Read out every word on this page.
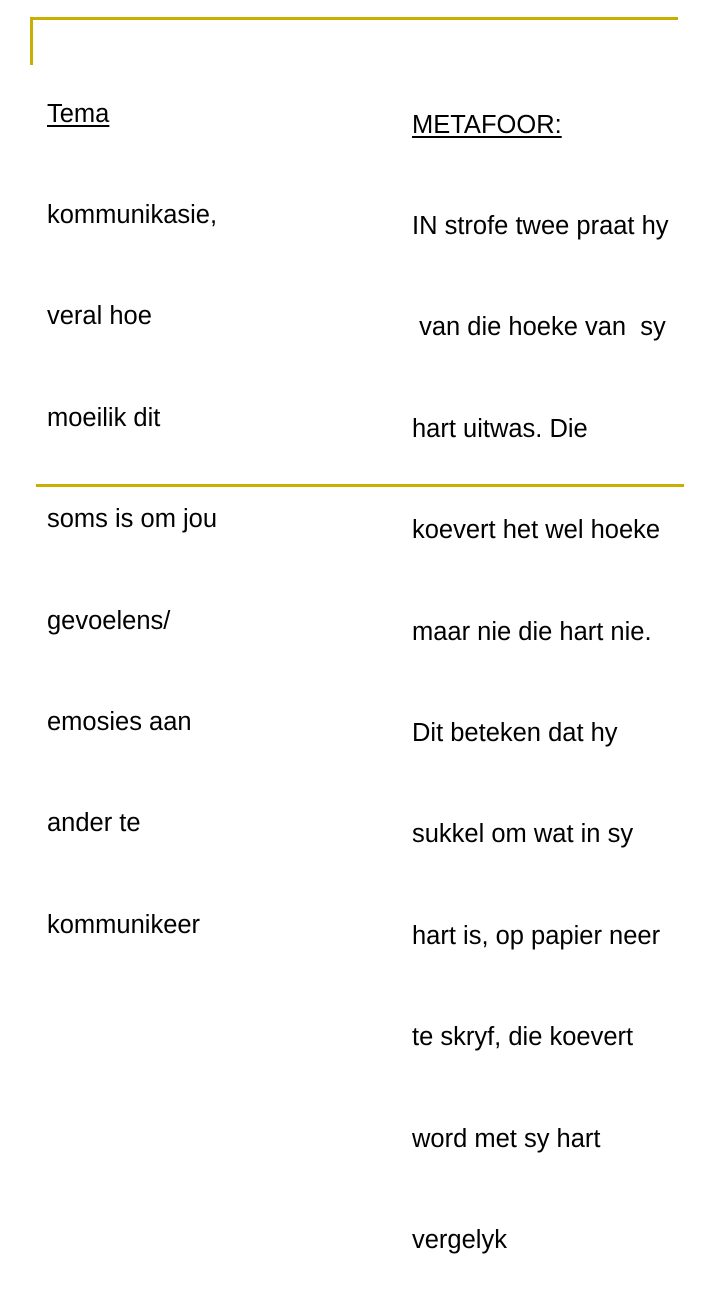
Tema

kommunikasie,

veral hoe

moeilik dit

soms is om jou

gevoelens/

emosies aan

ander te

kommunikeer

METAFOOR:

IN strofe twee praat hy

van die hoeke van  sy

hart uitwas. Die

koevert het wel hoeke

maar nie die hart nie.

Dit beteken dat hy

sukkel om wat in sy

hart is, op papier neer

te skryf, die koevert

word met sy hart

vergelyk
